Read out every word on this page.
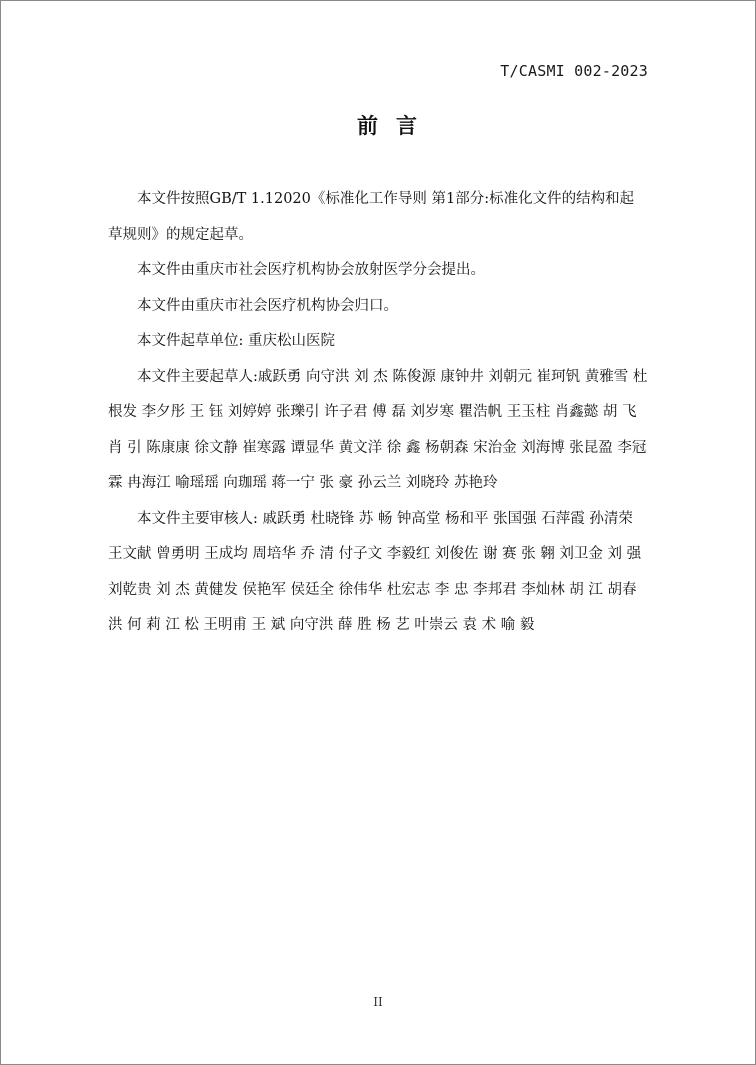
T/CASMI 002-2023
前言

本文件按照GB/T 1.12020《标准化工作导则 第1部分:标准化文件的结构和起草规则》的规定起草。

本文件由重庆市社会医疗机构协会放射医学分会提出。

本文件由重庆市社会医疗机构协会归口。

本文件起草单位: 重庆松山医院

本文件主要起草人:戚跃勇 向守洪 刘 杰 陈俊源 康钟井 刘朝元 崔珂钒 黄雅雪 杜根发 李夕彤 王 钰 刘婷婷 张瓅引 许子君 傅 磊 刘岁寒 瞿浩帆 王玉柱 肖鑫懿 胡 飞 肖 引 陈康康 徐文静 崔寒露 谭显华 黄文洋 徐 鑫 杨朝森 宋治金 刘海博 张昆盈 李冠霖 冉海江 喻瑶瑶 向珈瑶 蒋一宁 张 豪 孙云兰 刘晓玲 苏艳玲

本文件主要审核人: 戚跃勇 杜晓锋 苏 畅 钟高堂 杨和平 张国强 石萍霞 孙清荣 王文献 曾勇明 王成均 周培华 乔 清 付子文 李毅红 刘俊佐 谢 赛 张 翱 刘卫金 刘 强 刘乾贵 刘 杰 黄健发 侯艳军 侯廷全 徐伟华 杜宏志 李 忠 李邦君 李灿林 胡 江 胡春洪 何 莉 江 松 王明甫 王 斌 向守洪 薛 胜 杨 艺 叶崇云 袁 术 喻 毅

II
